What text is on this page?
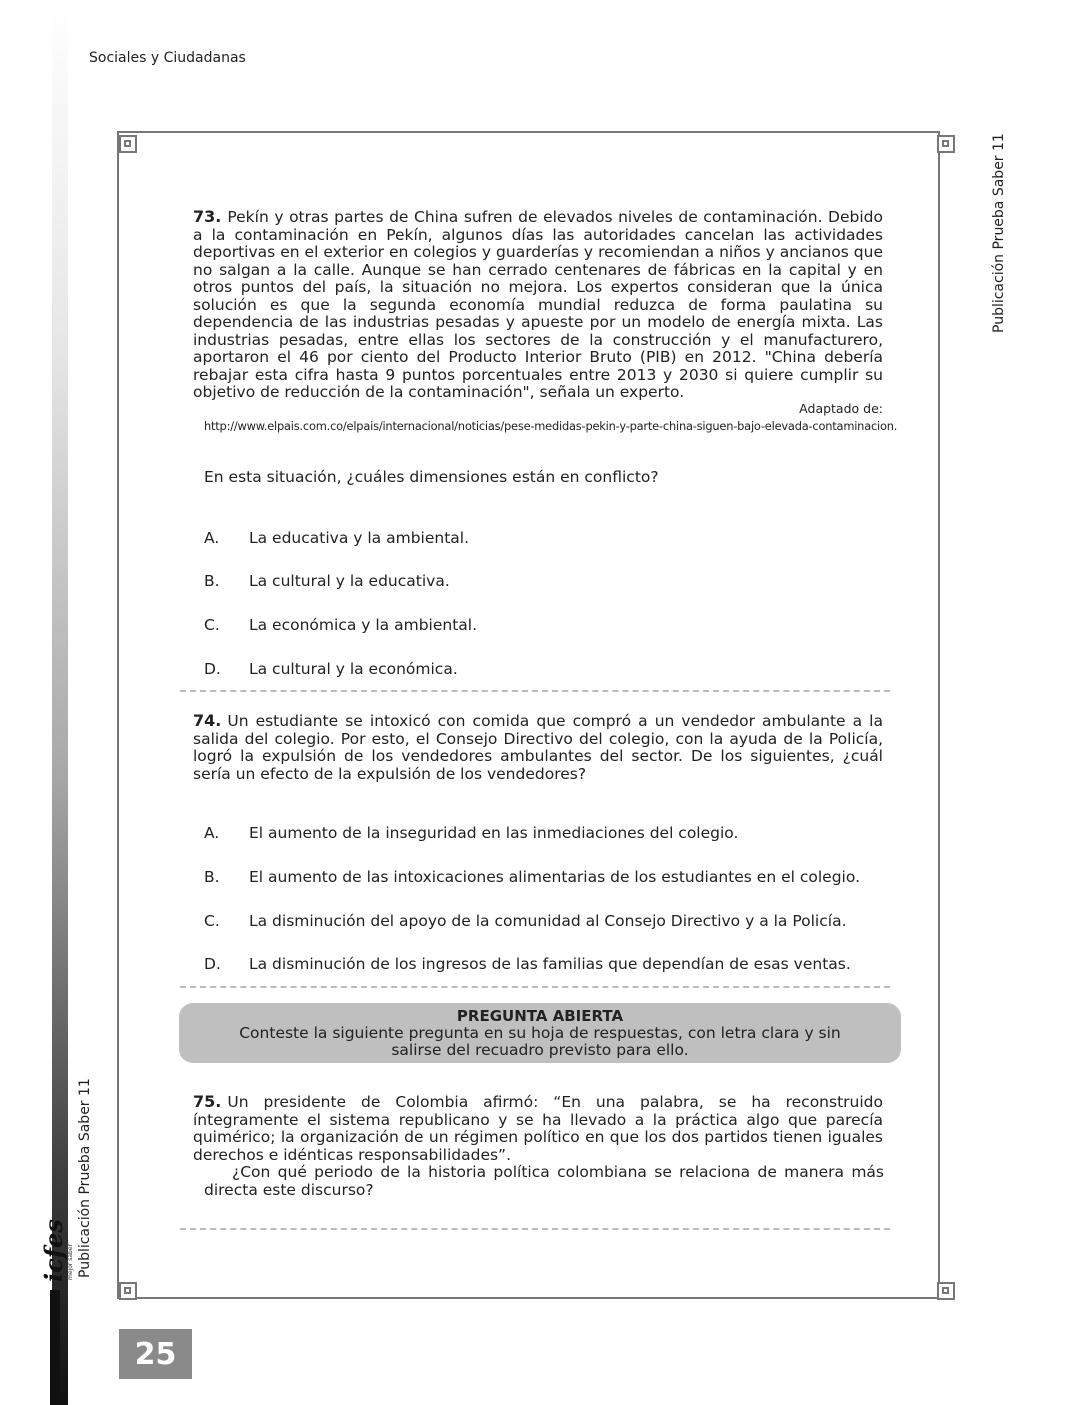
Sociales y Ciudadanas
Publicación Prueba Saber 11
Publicación Prueba Saber 11
icfes mejor saber
25

73. Pekín y otras partes de China sufren de elevados niveles de contaminación. Debido a la contaminación en Pekín, algunos días las autoridades cancelan las actividades deportivas en el exterior en colegios y guarderías y recomiendan a niños y ancianos que no salgan a la calle. Aunque se han cerrado centenares de fábricas en la capital y en otros puntos del país, la situación no mejora. Los expertos consideran que la única solución es que la segunda economía mundial reduzca de forma paulatina su dependencia de las industrias pesadas y apueste por un modelo de energía mixta. Las industrias pesadas, entre ellas los sectores de la construcción y el manufacturero, aportaron el 46 por ciento del Producto Interior Bruto (PIB) en 2012. "China debería rebajar esta cifra hasta 9 puntos porcentuales entre 2013 y 2030 si quiere cumplir su objetivo de reducción de la contaminación", señala un experto.

Adaptado de:
http://www.elpais.com.co/elpais/internacional/noticias/pese-medidas-pekin-y-parte-china-siguen-bajo-elevada-contaminacion.
En esta situación, ¿cuáles dimensiones están en conflicto?
A. La educativa y la ambiental.
B. La cultural y la educativa.
C. La económica y la ambiental.
D. La cultural y la económica.

74. Un estudiante se intoxicó con comida que compró a un vendedor ambulante a la salida del colegio. Por esto, el Consejo Directivo del colegio, con la ayuda de la Policía, logró la expulsión de los vendedores ambulantes del sector. De los siguientes, ¿cuál sería un efecto de la expulsión de los vendedores?

A. El aumento de la inseguridad en las inmediaciones del colegio.
B. El aumento de las intoxicaciones alimentarias de los estudiantes en el colegio.
C. La disminución del apoyo de la comunidad al Consejo Directivo y a la Policía.
D. La disminución de los ingresos de las familias que dependían de esas ventas.
PREGUNTA ABIERTA
Conteste la siguiente pregunta en su hoja de respuestas, con letra clara y sin salirse del recuadro previsto para ello.

75. Un presidente de Colombia afirmó: “En una palabra, se ha reconstruido íntegramente el sistema republicano y se ha llevado a la práctica algo que parecía quimérico; la organización de un régimen político en que los dos partidos tienen iguales derechos e idénticas responsabilidades”.

¿Con qué periodo de la historia política colombiana se relaciona de manera más directa este discurso?
